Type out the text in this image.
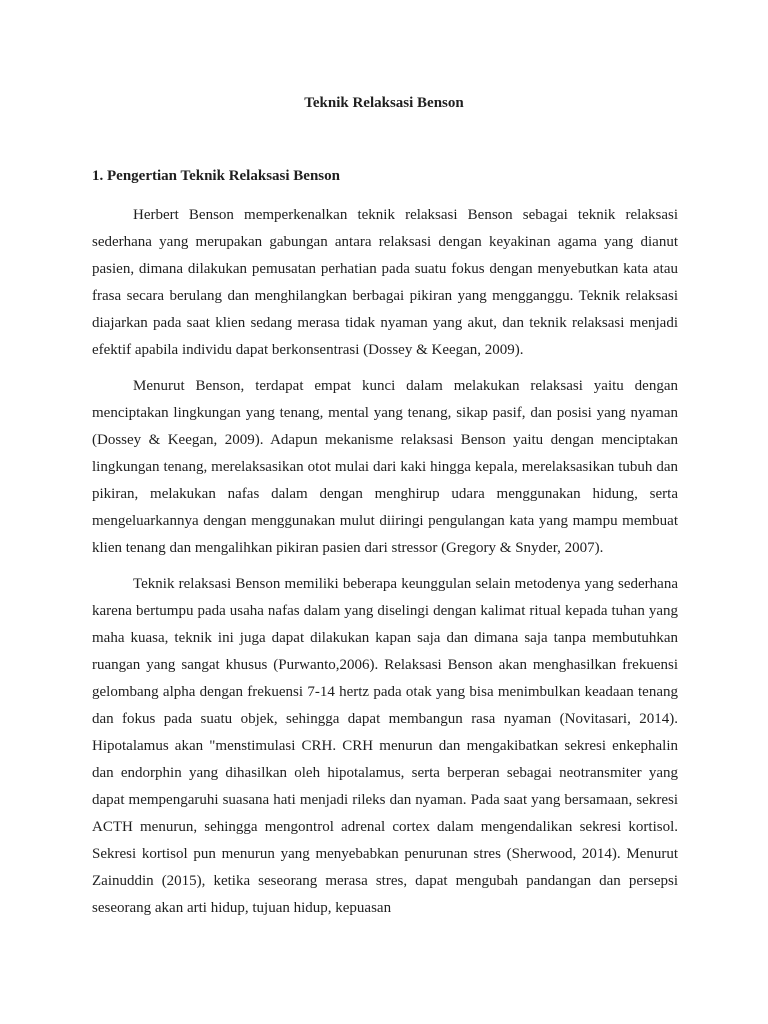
Teknik Relaksasi Benson
1. Pengertian Teknik Relaksasi Benson

Herbert Benson memperkenalkan teknik relaksasi Benson sebagai teknik relaksasi sederhana yang merupakan gabungan antara relaksasi dengan keyakinan agama yang dianut pasien, dimana dilakukan pemusatan perhatian pada suatu fokus dengan menyebutkan kata atau frasa secara berulang dan menghilangkan berbagai pikiran yang mengganggu. Teknik relaksasi diajarkan pada saat klien sedang merasa tidak nyaman yang akut, dan teknik relaksasi menjadi efektif apabila individu dapat berkonsentrasi (Dossey & Keegan, 2009).

Menurut Benson, terdapat empat kunci dalam melakukan relaksasi yaitu dengan menciptakan lingkungan yang tenang, mental yang tenang, sikap pasif, dan posisi yang nyaman (Dossey & Keegan, 2009). Adapun mekanisme relaksasi Benson yaitu dengan menciptakan lingkungan tenang, merelaksasikan otot mulai dari kaki hingga kepala, merelaksasikan tubuh dan pikiran, melakukan nafas dalam dengan menghirup udara menggunakan hidung, serta mengeluarkannya dengan menggunakan mulut diiringi pengulangan kata yang mampu membuat klien tenang dan mengalihkan pikiran pasien dari stressor (Gregory & Snyder, 2007).

Teknik relaksasi Benson memiliki beberapa keunggulan selain metodenya yang sederhana karena bertumpu pada usaha nafas dalam yang diselingi dengan kalimat ritual kepada tuhan yang maha kuasa, teknik ini juga dapat dilakukan kapan saja dan dimana saja tanpa membutuhkan ruangan yang sangat khusus (Purwanto,2006). Relaksasi Benson akan menghasilkan frekuensi gelombang alpha dengan frekuensi 7-14 hertz pada otak yang bisa menimbulkan keadaan tenang dan fokus pada suatu objek, sehingga dapat membangun rasa nyaman (Novitasari, 2014). Hipotalamus akan "menstimulasi CRH. CRH menurun dan mengakibatkan sekresi enkephalin dan endorphin yang dihasilkan oleh hipotalamus, serta berperan sebagai neotransmiter yang dapat mempengaruhi suasana hati menjadi rileks dan nyaman. Pada saat yang bersamaan, sekresi ACTH menurun, sehingga mengontrol adrenal cortex dalam mengendalikan sekresi kortisol. Sekresi kortisol pun menurun yang menyebabkan penurunan stres (Sherwood, 2014). Menurut Zainuddin (2015), ketika seseorang merasa stres, dapat mengubah pandangan dan persepsi seseorang akan arti hidup, tujuan hidup, kepuasan
